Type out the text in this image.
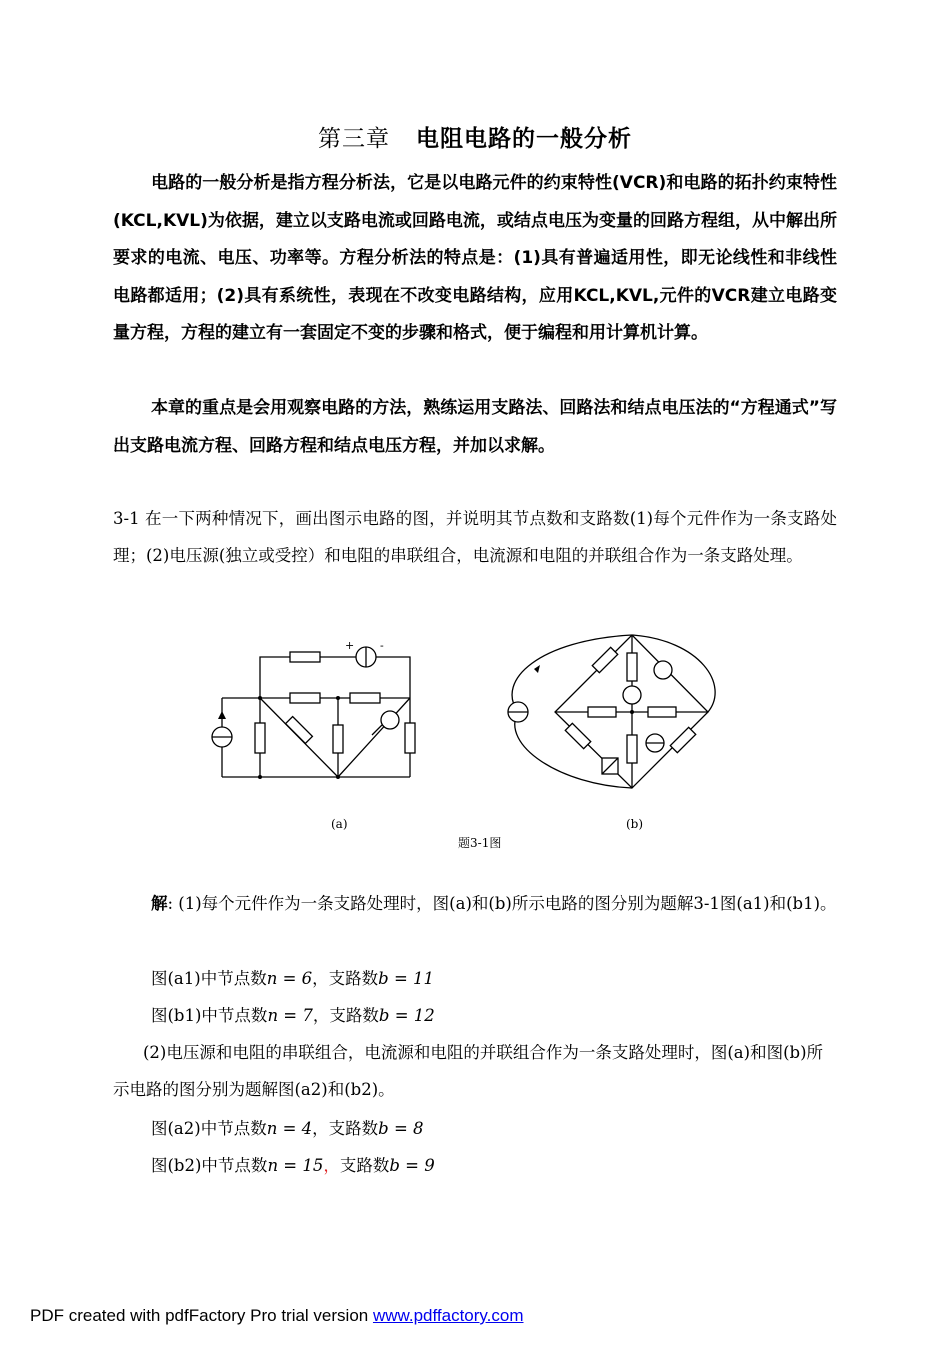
第三章 电阻电路的一般分析

电路的一般分析是指方程分析法，它是以电路元件的约束特性(VCR)和电路的拓扑约束特性(KCL,KVL)为依据，建立以支路电流或回路电流，或结点电压为变量的回路方程组，从中解出所要求的电流、电压、功率等。方程分析法的特点是：(1)具有普遍适用性，即无论线性和非线性电路都适用；(2)具有系统性，表现在不改变电路结构，应用KCL,KVL,元件的VCR建立电路变量方程，方程的建立有一套固定不变的步骤和格式，便于编程和用计算机计算。

本章的重点是会用观察电路的方法，熟练运用支路法、回路法和结点电压法的“方程通式”写出支路电流方程、回路方程和结点电压方程，并加以求解。

3-1 在一下两种情况下，画出图示电路的图，并说明其节点数和支路数(1)每个元件作为一条支路处理；(2)电压源(独立或受控）和电阻的串联组合，电流源和电阻的并联组合作为一条支路处理。

+ -
(a)	(b)
题3-1图

解: (1)每个元件作为一条支路处理时，图(a)和(b)所示电路的图分别为题解3-1图(a1)和(b1)。

图(a1)中节点数n = 6，支路数b = 11

图(b1)中节点数n = 7，支路数b = 12

(2)电压源和电阻的串联组合，电流源和电阻的并联组合作为一条支路处理时，图(a)和图(b)所示电路的图分别为题解图(a2)和(b2)。

图(a2)中节点数n = 4，支路数b = 8

图(b2)中节点数n = 15，支路数b = 9

PDF created with pdfFactory Pro trial version www.pdffactory.com
